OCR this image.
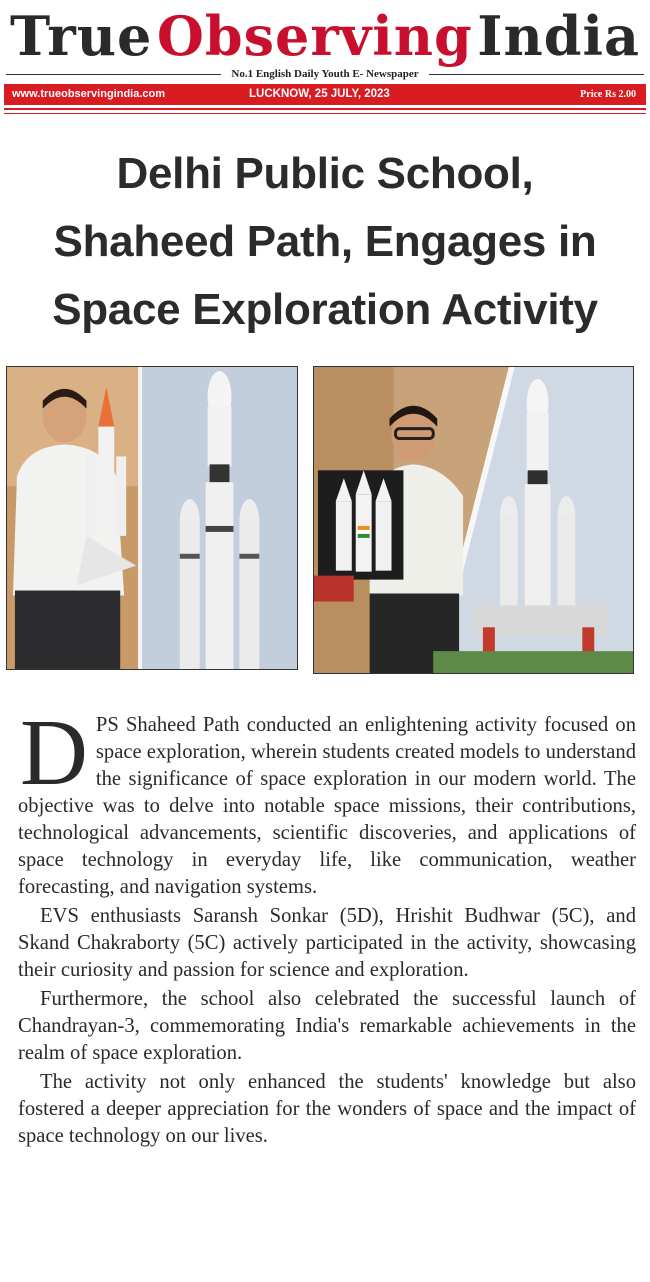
True Observing India
No.1 English Daily Youth E- Newspaper
www.trueobservingindia.com	LUCKNOW, 25 JULY, 2023	Price Rs 2.00
Delhi Public School,
Shaheed Path, Engages in
Space Exploration Activity

DPS Shaheed Path conducted an enlightening activity focused on space exploration, wherein students created models to understand the significance of space exploration in our modern world. The objective was to delve into notable space missions, their contributions, technological advancements, scientific discoveries, and applications of space technology in everyday life, like communication, weather forecasting, and navigation systems.

EVS enthusiasts Saransh Sonkar (5D), Hrishit Budhwar (5C), and Skand Chakraborty (5C) actively participated in the activity, showcasing their curiosity and passion for science and exploration.

Furthermore, the school also celebrated the successful launch of Chandrayan-3, commemorating India's remarkable achievements in the realm of space exploration.

The activity not only enhanced the students' knowledge but also fostered a deeper appreciation for the wonders of space and the impact of space technology on our lives.
